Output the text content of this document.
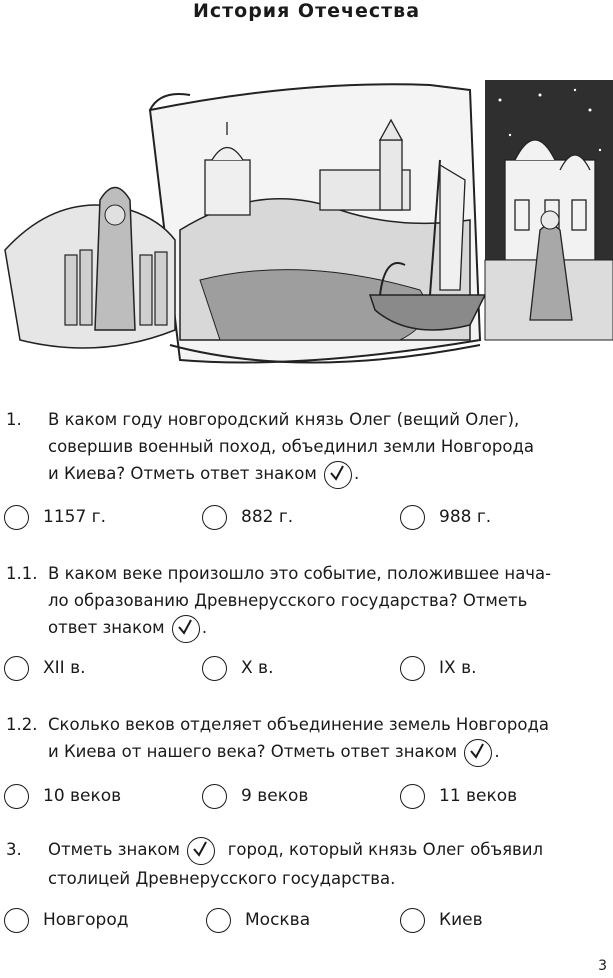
История Отечества
1. В каком году новгородский князь Олег (вещий Олег),
совершив военный поход, объединил земли Новгорода
и Киева? Отметь ответ знаком .
1157 г.	882 г.	988 г.
1.1. В каком веке произошло это событие, положившее нача-
ло образованию Древнерусского государства? Отметь
ответ знаком .
XII в.	X в.	IX в.
1.2. Сколько веков отделяет объединение земель Новгорода
и Киева от нашего века? Отметь ответ знаком .
10 веков	9 веков	11 веков
3. Отметь знаком	город, который князь Олег объявил
столицей Древнерусского государства.
Новгород	Москва	Киев
3
